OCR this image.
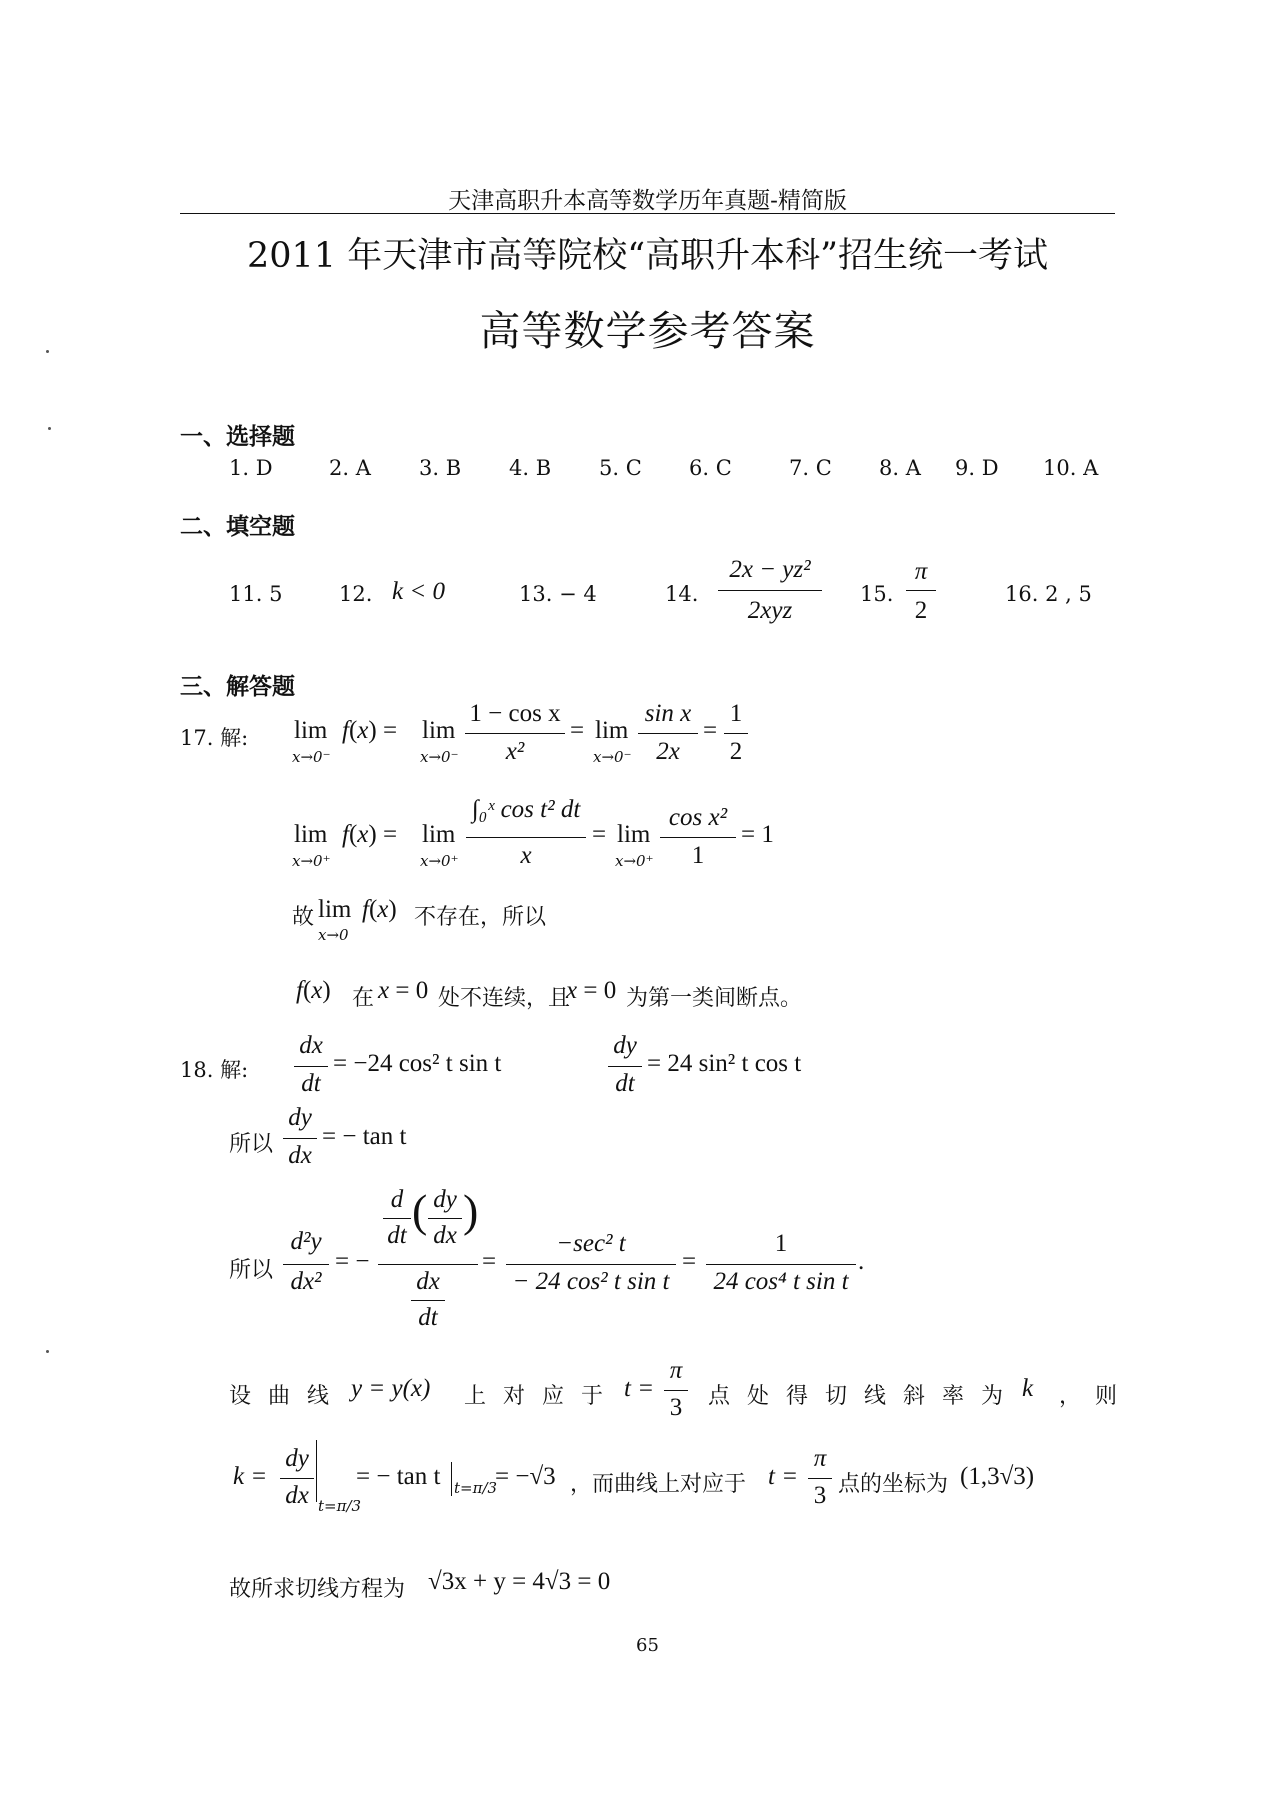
天津高职升本高等数学历年真题-精简版
2011 年天津市高等院校“高职升本科”招生统一考试
高等数学参考答案
一、选择题
1. D	2. A 3. B 4. B 5. C 6. C	7. C 8. A 9. D 10. A
二、填空题
11. 5	12. k < 0	13. − 4	14.
2x − yz²
2xyz
15.
π
2
16. 2 , 5
三、解答题
17. 解: lim
x→0⁻
f(x) = lim
x→0⁻
1 − cos x
x²
= lim
x→0⁻
sin x
2x
=
1
2
lim
x→0⁺
f(x) = lim
x→0⁺
∫₀ˣ cos t² dt
x
= lim
x→0⁺
cos x²
1
= 1
故 lim
x→0
f(x) 不存在，所以
f(x) 在 x = 0 处不连续，且
x = 0 为第一类间断点。
18. 解:
dx
dt
= −24 cos² t sin t
dy
dt
= 24 sin² t cos t
所以
dy
dx
= − tan t
所以
d²y
dx²
= −
d
dt ( dy
dx )
dx
dt
=
−sec² t
− 24 cos² t sin t
=
1
24 cos⁴ t sin t
.
设 曲 线 y = y(x) 上 对 应 于 t =
π
3 点 处 得 切 线 斜 率 为 k ， 则
k =
dy
dx t=π/3
= − tan t t=π/3
= −√3 ，而曲线上对应于 t =
π
3 点的坐标为 (1,3√3)
故所求切线方程为 √3x + y = 4√3 = 0
65
